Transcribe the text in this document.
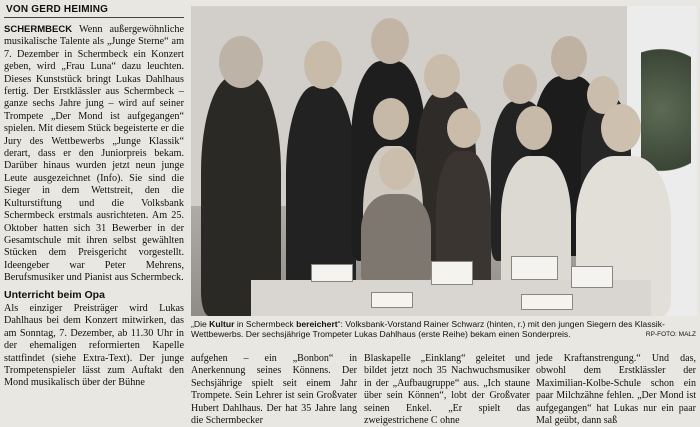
VON GERD HEIMING

SCHERMBECK Wenn außergewöhnliche musikalische Talente als „Junge Sterne“ am 7. Dezember in Schermbeck ein Konzert geben, wird „Frau Luna“ dazu leuchten. Dieses Kunststück bringt Lukas Dahlhaus fertig. Der Erstklässler aus Schermbeck – ganze sechs Jahre jung – wird auf seiner Trompete „Der Mond ist aufgegangen“ spielen. Mit diesem Stück begeisterte er die Jury des Wettbewerbs „Junge Klassik“ derart, dass er den Juniorpreis bekam. Darüber hinaus wurden jetzt neun junge Leute ausgezeichnet (Info). Sie sind die Sieger in dem Wettstreit, den die Kulturstiftung und die Volksbank Schermbeck erstmals ausrichteten. Am 25. Oktober hatten sich 31 Bewerber in der Gesamtschule mit ihren selbst gewählten Stücken dem Preisgericht vorgestellt. Ideengeber war Peter Mehrens, Berufsmusiker und Pianist aus Schermbeck.

Unterricht beim Opa

Als einziger Preisträger wird Lukas Dahlhaus bei dem Konzert mitwirken, das am Sonntag, 7. Dezember, ab 11.30 Uhr in der ehemaligen reformierten Kapelle stattfindet (siehe Extra-Text). Der junge Trompetenspieler lässt zum Auftakt den Mond musikalisch über der Bühne

„Die Kultur in Schermbeck bereichert“: Volksbank-Vorstand Rainer Schwarz (hinten, r.) mit den jungen Siegern des Klassik-Wettbewerbs. Der sechsjährige Trompeter Lukas Dahlhaus (erste Reihe) bekam einen Sonderpreis.	RP-FOTO: MALZ
aufgehen – ein „Bonbon“ in Anerkennung seines Könnens. Der Sechsjährige spielt seit einem Jahr Trompete. Sein Lehrer ist sein Großvater Hubert Dahlhaus. Der hat 35 Jahre lang die Schermbecker
Blaskapelle „Einklang“ geleitet und bildet jetzt noch 35 Nachwuchsmusiker in der „Aufbaugruppe“ aus. „Ich staune über sein Können“, lobt der Großvater seinen Enkel. „Er spielt das zweigestrichene C ohne
jede Kraftanstrengung.“ Und das, obwohl dem Erstklässler der Maximilian-Kolbe-Schule schon ein paar Milchzähne fehlen. „Der Mond ist aufgegangen“ hat Lukas nur ein paar Mal geübt, dann saß
